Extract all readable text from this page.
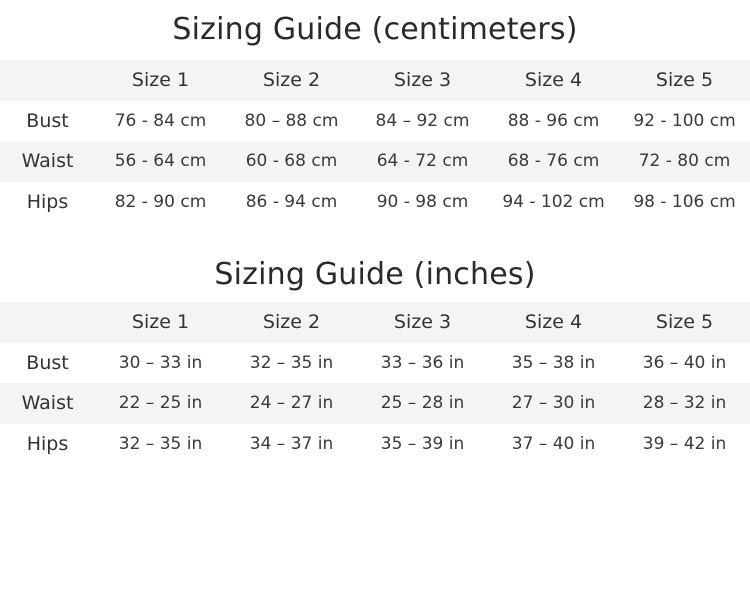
Sizing Guide (centimeters)
	Size 1	Size 2	Size 3	Size 4	Size 5
Bust	76 - 84 cm	80 – 88 cm	84 – 92 cm	88 - 96 cm	92 - 100 cm
Waist	56 - 64 cm	60 - 68 cm	64 - 72 cm	68 - 76 cm	72 - 80 cm
Hips	82 - 90 cm	86 - 94 cm	90 - 98 cm	94 - 102 cm	98 - 106 cm
Sizing Guide (inches)
	Size 1	Size 2	Size 3	Size 4	Size 5
Bust	30 – 33 in	32 – 35 in	33 – 36 in	35 – 38 in	36 – 40 in
Waist	22 – 25 in	24 – 27 in	25 – 28 in	27 – 30 in	28 – 32 in
Hips	32 – 35 in	34 – 37 in	35 – 39 in	37 – 40 in	39 – 42 in
